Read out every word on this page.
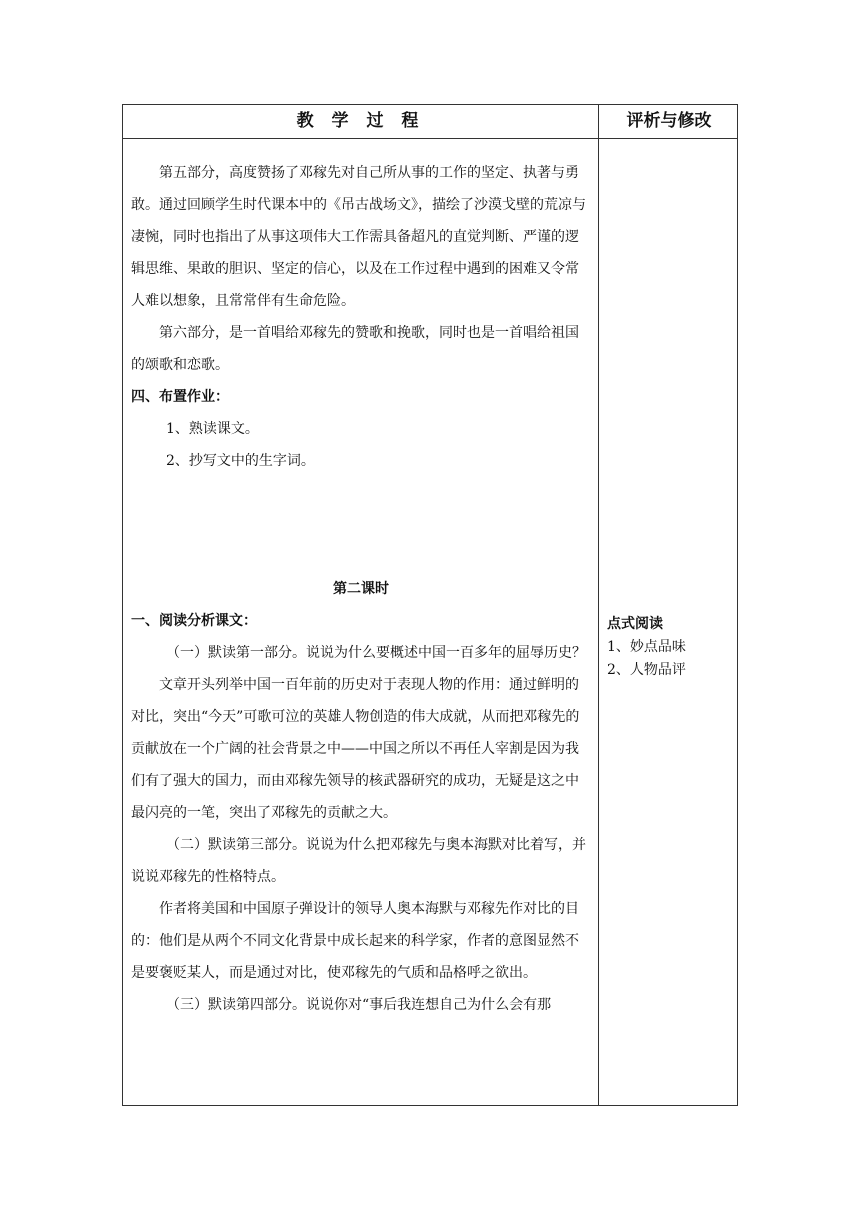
教 学 过 程	评析与修改

第五部分，高度赞扬了邓稼先对自己所从事的工作的坚定、执著与勇敢。通过回顾学生时代课本中的《吊古战场文》，描绘了沙漠戈壁的荒凉与凄惋，同时也指出了从事这项伟大工作需具备超凡的直觉判断、严谨的逻辑思维、果敢的胆识、坚定的信心，以及在工作过程中遇到的困难又令常人难以想象，且常常伴有生命危险。

第六部分，是一首唱给邓稼先的赞歌和挽歌，同时也是一首唱给祖国的颂歌和恋歌。

四、布置作业：

1、熟读课文。

2、抄写文中的生字词。

第二课时

一、阅读分析课文：

（一）默读第一部分。说说为什么要概述中国一百多年的屈辱历史？

文章开头列举中国一百年前的历史对于表现人物的作用：通过鲜明的对比，突出“今天”可歌可泣的英雄人物创造的伟大成就，从而把邓稼先的贡献放在一个广阔的社会背景之中——中国之所以不再任人宰割是因为我们有了强大的国力，而由邓稼先领导的核武器研究的成功，无疑是这之中最闪亮的一笔，突出了邓稼先的贡献之大。

（二）默读第三部分。说说为什么把邓稼先与奥本海默对比着写，并说说邓稼先的性格特点。

作者将美国和中国原子弹设计的领导人奥本海默与邓稼先作对比的目的：他们是从两个不同文化背景中成长起来的科学家，作者的意图显然不是要褒贬某人，而是通过对比，使邓稼先的气质和品格呼之欲出。

（三）默读第四部分。说说你对“事后我连想自己为什么会有那

点式阅读

1、妙点品味

2、人物品评
